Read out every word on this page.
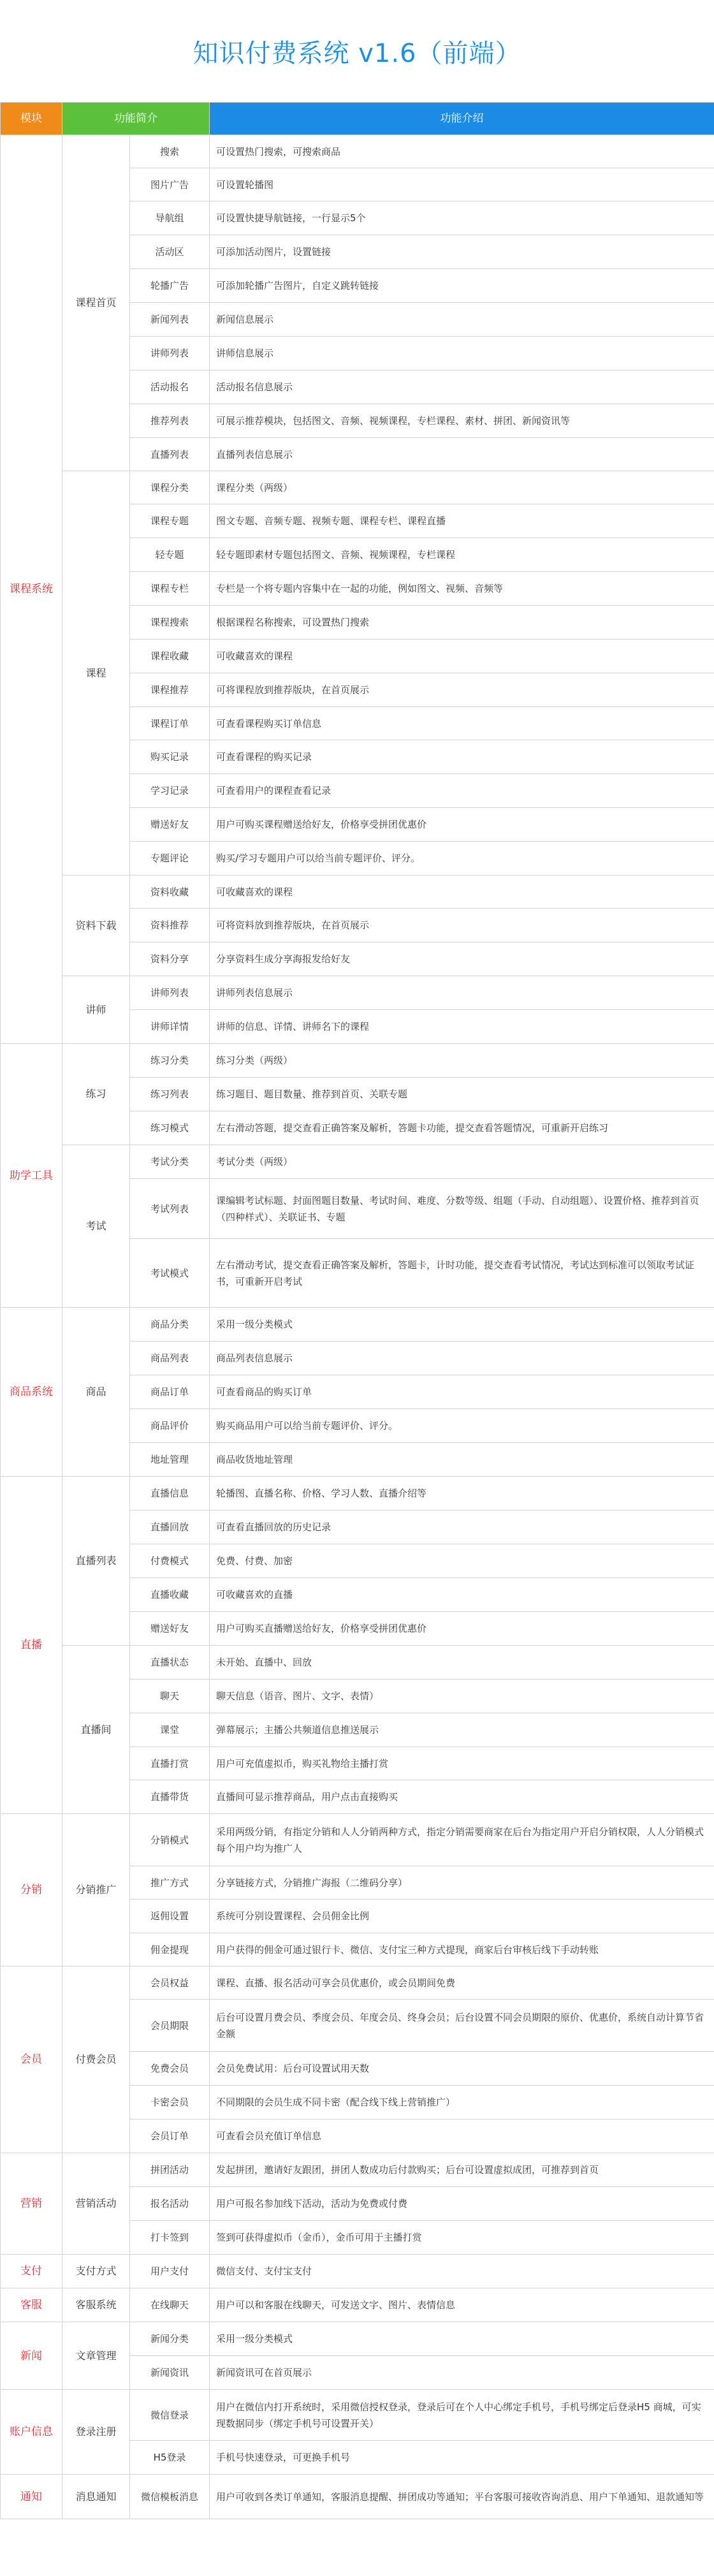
知识付费系统 v1.6（前端）
模块	功能简介		功能介绍
课程系统	课程首页	搜索	可设置热门搜索，可搜索商品
		图片广告	可设置轮播图
		导航组	可设置快捷导航链接，一行显示5个
		活动区	可添加活动图片，设置链接
		轮播广告	可添加轮播广告图片，自定义跳转链接
		新闻列表	新闻信息展示
		讲师列表	讲师信息展示
		活动报名	活动报名信息展示
		推荐列表	可展示推荐模块，包括图文、音频、视频课程，专栏课程、素材、拼团、新闻资讯等
		直播列表	直播列表信息展示
	课程	课程分类	课程分类（两级）
		课程专题	图文专题、音频专题、视频专题、课程专栏、课程直播
		轻专题	轻专题即素材专题包括图文、音频、视频课程，专栏课程
		课程专栏	专栏是一个将专题内容集中在一起的功能，例如图文、视频、音频等
		课程搜索	根据课程名称搜索，可设置热门搜索
		课程收藏	可收藏喜欢的课程
		课程推荐	可将课程放到推荐版块，在首页展示
		课程订单	可查看课程购买订单信息
		购买记录	可查看课程的购买记录
		学习记录	可查看用户的课程查看记录
		赠送好友	用户可购买课程赠送给好友，价格享受拼团优惠价
		专题评论	购买/学习专题用户可以给当前专题评价、评分。
	资料下载	资料收藏	可收藏喜欢的课程
		资料推荐	可将资料放到推荐版块，在首页展示
		资料分享	分享资料生成分享海报发给好友
	讲师	讲师列表	讲师列表信息展示
		讲师详情	讲师的信息、详情、讲师名下的课程
助学工具	练习	练习分类	练习分类（两级）
		练习列表	练习题目、题目数量、推荐到首页、关联专题
		练习模式	左右滑动答题，提交查看正确答案及解析，答题卡功能，提交查看答题情况，可重新开启练习
	考试	考试分类	考试分类（两级）
		考试列表	课编辑考试标题、封面图题目数量、考试时间、难度、分数等级、组题（手动、自动组题）、设置价格、推荐到首页（四种样式）、关联证书、专题
		考试模式	左右滑动考试，提交查看正确答案及解析，答题卡，计时功能，提交查看考试情况，考试达到标准可以领取考试证书，可重新开启考试
商品系统	商品	商品分类	采用一级分类模式
		商品列表	商品列表信息展示
		商品订单	可查看商品的购买订单
		商品评价	购买商品用户可以给当前专题评价、评分。
		地址管理	商品收货地址管理
直播	直播列表	直播信息	轮播图、直播名称、价格、学习人数、直播介绍等
		直播回放	可查看直播回放的历史记录
		付费模式	免费、付费、加密
		直播收藏	可收藏喜欢的直播
		赠送好友	用户可购买直播赠送给好友，价格享受拼团优惠价
	直播间	直播状态	未开始、直播中、回放
		聊天	聊天信息（语音、图片、文字、表情）
		课堂	弹幕展示；主播公共频道信息推送展示
		直播打赏	用户可充值虚拟币，购买礼物给主播打赏
		直播带货	直播间可显示推荐商品，用户点击直接购买
分销	分销推广	分销模式	采用两级分销，有指定分销和人人分销两种方式，指定分销需要商家在后台为指定用户开启分销权限，人人分销模式每个用户均为推广人
		推广方式	分享链接方式，分销推广海报（二维码分享）
		返佣设置	系统可分别设置课程、会员佣金比例
		佣金提现	用户获得的佣金可通过银行卡、微信、支付宝三种方式提现，商家后台审核后线下手动转账
会员	付费会员	会员权益	课程、直播、报名活动可享会员优惠价，或会员期间免费
		会员期限	后台可设置月费会员、季度会员、年度会员、终身会员；后台设置不同会员期限的原价、优惠价，系统自动计算节省金额
		免费会员	会员免费试用：后台可设置试用天数
		卡密会员	不同期限的会员生成不同卡密（配合线下线上营销推广）
		会员订单	可查看会员充值订单信息
营销	营销活动	拼团活动	发起拼团，邀请好友跟团，拼团人数成功后付款购买；后台可设置虚拟成团，可推荐到首页
		报名活动	用户可报名参加线下活动，活动为免费或付费
		打卡签到	签到可获得虚拟币（金币），金币可用于主播打赏
支付	支付方式	用户支付	微信支付、支付宝支付
客服	客服系统	在线聊天	用户可以和客服在线聊天，可发送文字、图片、表情信息
新闻	文章管理	新闻分类	采用一级分类模式
		新闻资讯	新闻资讯可在首页展示
账户信息	登录注册	微信登录	用户在微信内打开系统时，采用微信授权登录，登录后可在个人中心绑定手机号，手机号绑定后登录H5 商城，可实现数据同步（绑定手机号可设置开关）
		H5登录	手机号快速登录，可更换手机号
通知	消息通知	微信模板消息	用户可收到各类订单通知，客服消息提醒、拼团成功等通知；平台客服可接收咨询消息、用户下单通知、退款通知等
